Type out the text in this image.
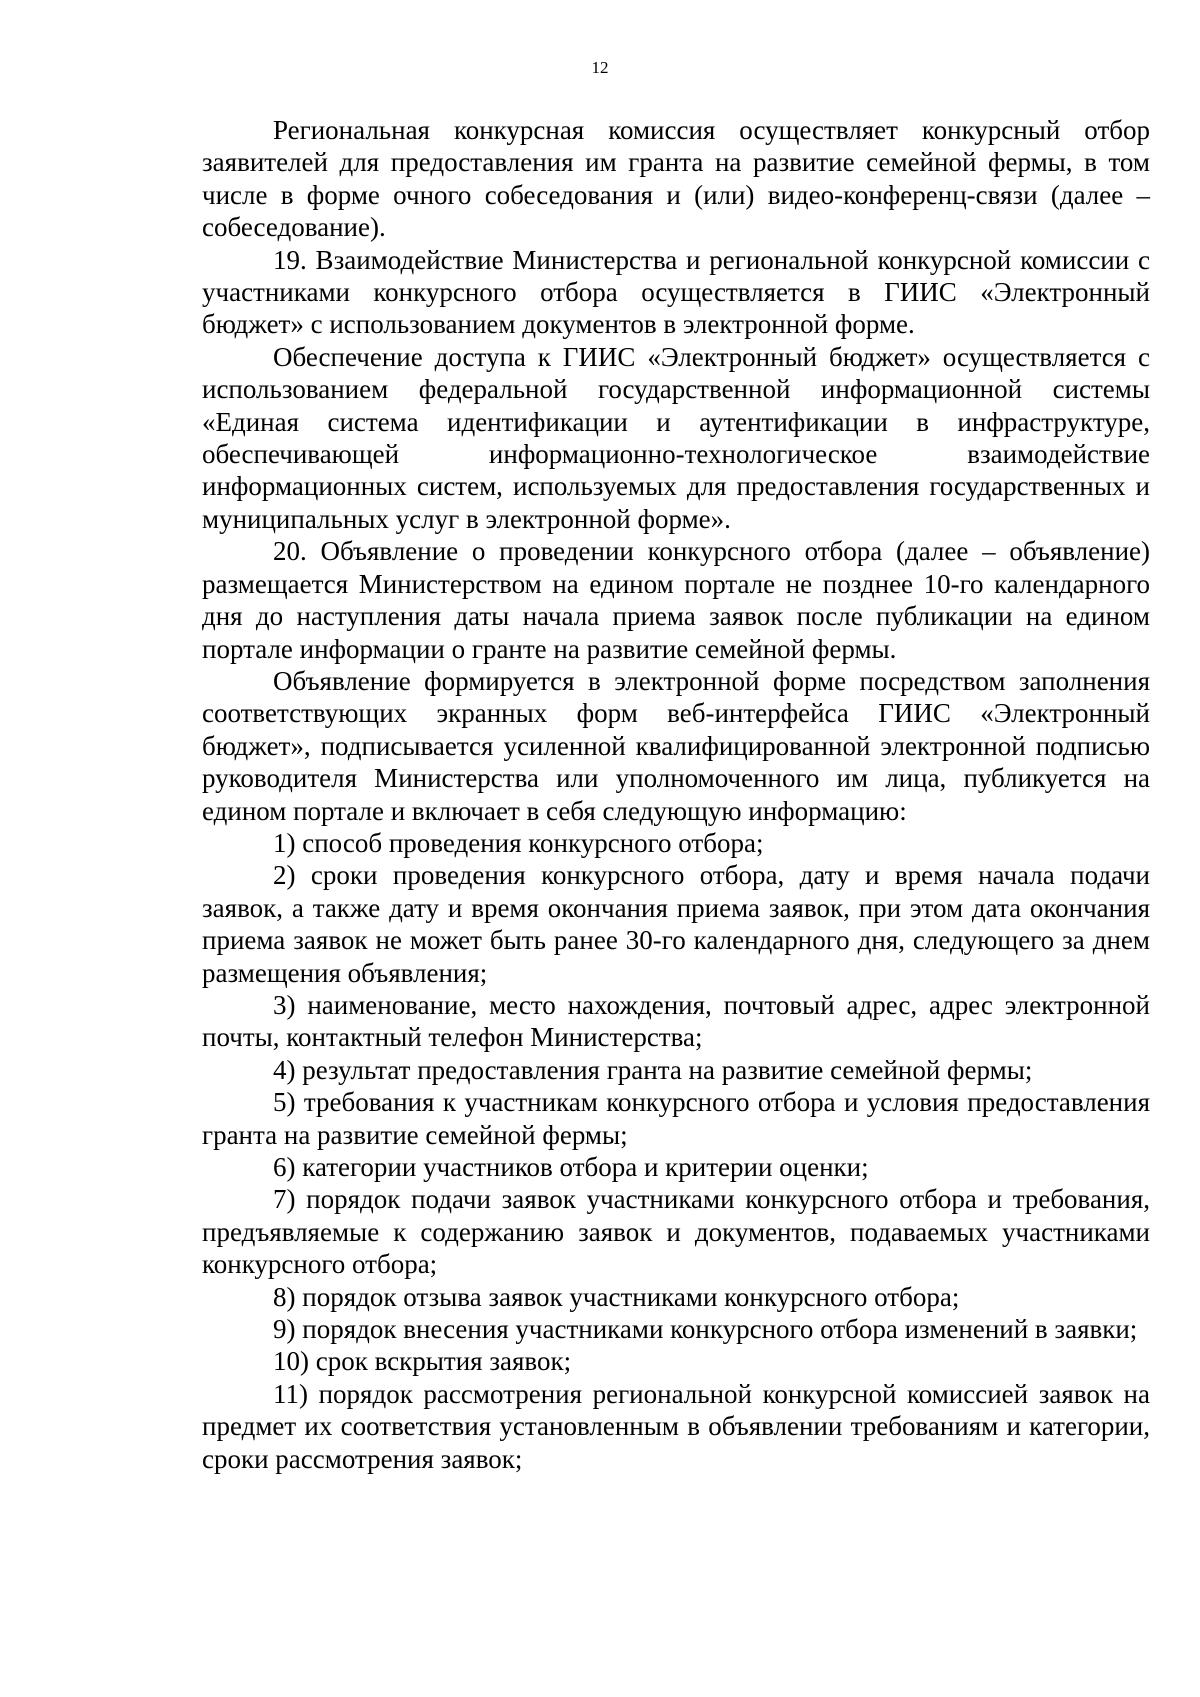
12

Региональная конкурсная комиссия осуществляет конкурсный отбор заявителей для предоставления им гранта на развитие семейной фермы, в том числе в форме очного собеседования и (или) видео-конференц-связи (далее – собеседование).

19. Взаимодействие Министерства и региональной конкурсной комиссии с участниками конкурсного отбора осуществляется в ГИИС «Электронный бюджет» с использованием документов в электронной форме.

Обеспечение доступа к ГИИС «Электронный бюджет» осуществляется с использованием федеральной государственной информационной системы «Единая система идентификации и аутентификации в инфраструктуре, обеспечивающей информационно-технологическое взаимодействие информационных систем, используемых для предоставления государственных и муниципальных услуг в электронной форме».

20. Объявление о проведении конкурсного отбора (далее – объявление) размещается Министерством на едином портале не позднее 10-го календарного дня до наступления даты начала приема заявок после публикации на едином портале информации о гранте на развитие семейной фермы.

Объявление формируется в электронной форме посредством заполнения соответствующих экранных форм веб-интерфейса ГИИС «Электронный бюджет», подписывается усиленной квалифицированной электронной подписью руководителя Министерства или уполномоченного им лица, публикуется на едином портале и включает в себя следующую информацию:

1) способ проведения конкурсного отбора;

2) сроки проведения конкурсного отбора, дату и время начала подачи заявок, а также дату и время окончания приема заявок, при этом дата окончания приема заявок не может быть ранее 30-го календарного дня, следующего за днем размещения объявления;

3) наименование, место нахождения, почтовый адрес, адрес электронной почты, контактный телефон Министерства;

4) результат предоставления гранта на развитие семейной фермы;

5) требования к участникам конкурсного отбора и условия предоставления гранта на развитие семейной фермы;

6) категории участников отбора и критерии оценки;

7) порядок подачи заявок участниками конкурсного отбора и требования, предъявляемые к содержанию заявок и документов, подаваемых участниками конкурсного отбора;

8) порядок отзыва заявок участниками конкурсного отбора;

9) порядок внесения участниками конкурсного отбора изменений в заявки;

10) срок вскрытия заявок;

11) порядок рассмотрения региональной конкурсной комиссией заявок на предмет их соответствия установленным в объявлении требованиям и категории, сроки рассмотрения заявок;
